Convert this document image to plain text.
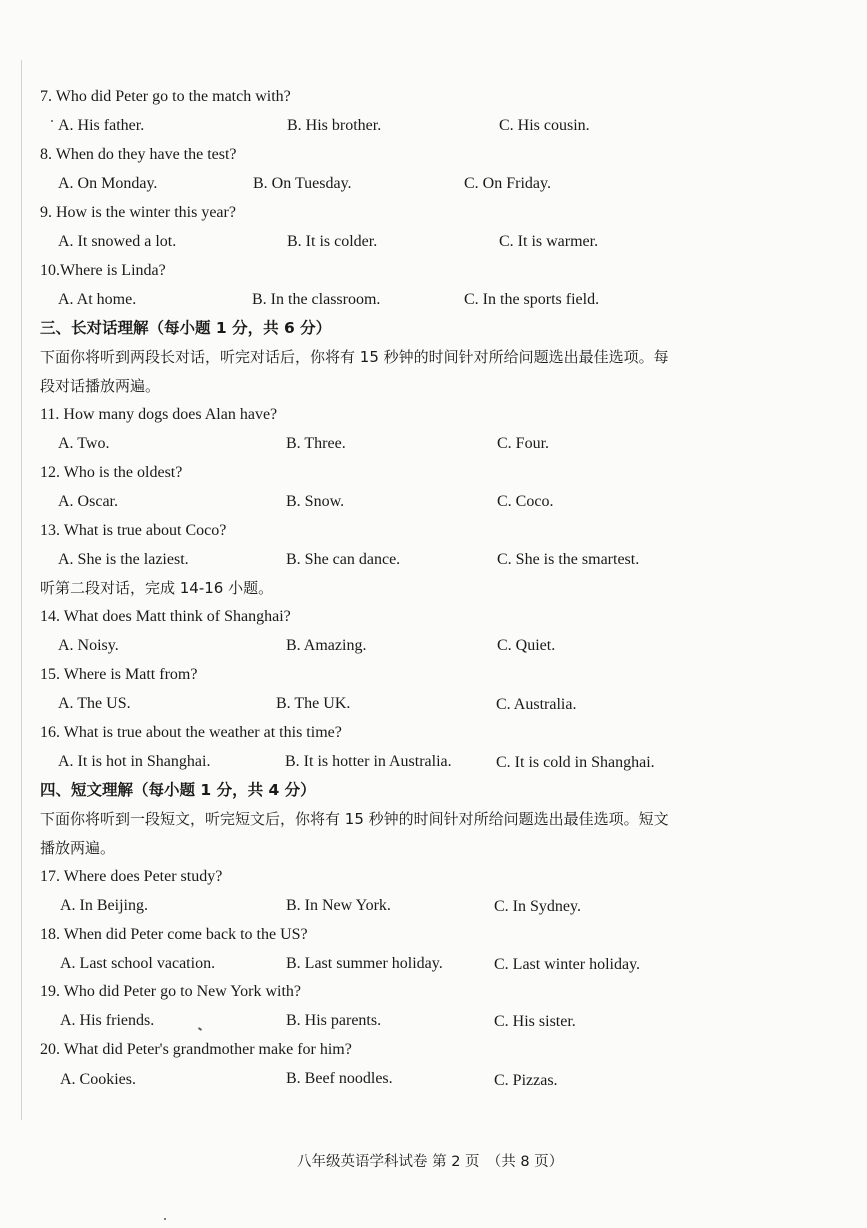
7. Who did Peter go to the match with?
A. His father.	B. His brother.	C. His cousin.
8. When do they have the test?
A. On Monday.	B. On Tuesday.	C. On Friday.
9. How is the winter this year?
A. It snowed a lot.	B. It is colder.	C. It is warmer.
10.Where is Linda?
A. At home.	B. In the classroom.	C. In the sports field.
三、长对话理解（每小题 1 分，共 6 分）
下面你将听到两段长对话，听完对话后，你将有 15 秒钟的时间针对所给问题选出最佳选项。每
段对话播放两遍。
11. How many dogs does Alan have?
A. Two.	B. Three.	C. Four.
12. Who is the oldest?
A. Oscar.	B. Snow.	C. Coco.
13. What is true about Coco?
A. She is the laziest.	B. She can dance.	C. She is the smartest.
听第二段对话，完成 14-16 小题。
14. What does Matt think of Shanghai?
A. Noisy.	B. Amazing.	C. Quiet.
15. Where is Matt from?
A. The US.	B. The UK.	C. Australia.
16. What is true about the weather at this time?
A. It is hot in Shanghai.	B. It is hotter in Australia.	C. It is cold in Shanghai.
四、短文理解（每小题 1 分，共 4 分）
下面你将听到一段短文，听完短文后，你将有 15 秒钟的时间针对所给问题选出最佳选项。短文
播放两遍。
17. Where does Peter study?
A. In Beijing.	B. In New York.	C. In Sydney.
18. When did Peter come back to the US?
A. Last school vacation.	B. Last summer holiday.	C. Last winter holiday.
19. Who did Peter go to New York with?
A. His friends.	B. His parents.	C. His sister.
20. What did Peter's grandmother make for him?
A. Cookies.	B. Beef noodles.	C. Pizzas.
八年级英语学科试卷 第 2 页　（共 8 页）
